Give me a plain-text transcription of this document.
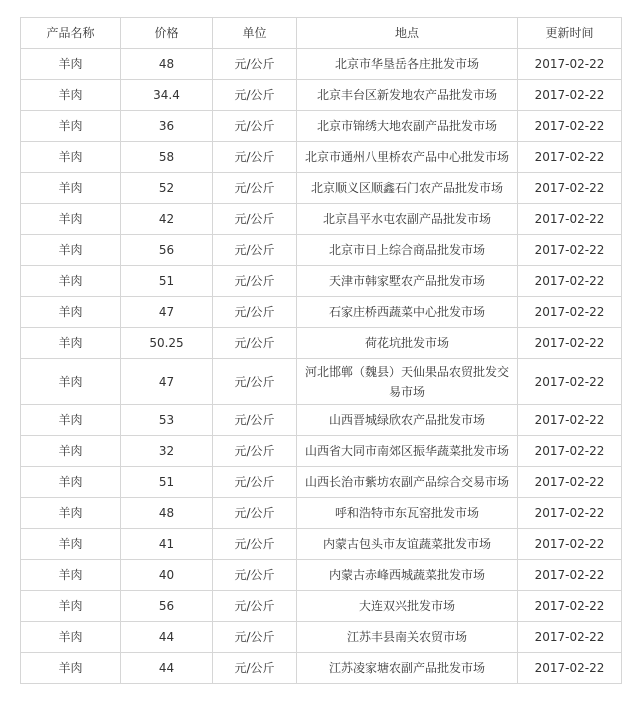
产品名称	价格	单位	地点	更新时间
羊肉	48	元/公斤	北京市华垦岳各庄批发市场	2017-02-22
羊肉	34.4	元/公斤	北京丰台区新发地农产品批发市场	2017-02-22
羊肉	36	元/公斤	北京市锦绣大地农副产品批发市场	2017-02-22
羊肉	58	元/公斤	北京市通州八里桥农产品中心批发市场	2017-02-22
羊肉	52	元/公斤	北京顺义区顺鑫石门农产品批发市场	2017-02-22
羊肉	42	元/公斤	北京昌平水屯农副产品批发市场	2017-02-22
羊肉	56	元/公斤	北京市日上综合商品批发市场	2017-02-22
羊肉	51	元/公斤	天津市韩家墅农产品批发市场	2017-02-22
羊肉	47	元/公斤	石家庄桥西蔬菜中心批发市场	2017-02-22
羊肉	50.25	元/公斤	荷花坑批发市场	2017-02-22
羊肉	47	元/公斤	河北邯郸（魏县）天仙果品农贸批发交易市场	2017-02-22
羊肉	53	元/公斤	山西晋城绿欣农产品批发市场	2017-02-22
羊肉	32	元/公斤	山西省大同市南郊区振华蔬菜批发市场	2017-02-22
羊肉	51	元/公斤	山西长治市紫坊农副产品综合交易市场	2017-02-22
羊肉	48	元/公斤	呼和浩特市东瓦窑批发市场	2017-02-22
羊肉	41	元/公斤	内蒙古包头市友谊蔬菜批发市场	2017-02-22
羊肉	40	元/公斤	内蒙古赤峰西城蔬菜批发市场	2017-02-22
羊肉	56	元/公斤	大连双兴批发市场	2017-02-22
羊肉	44	元/公斤	江苏丰县南关农贸市场	2017-02-22
羊肉	44	元/公斤	江苏凌家塘农副产品批发市场	2017-02-22
